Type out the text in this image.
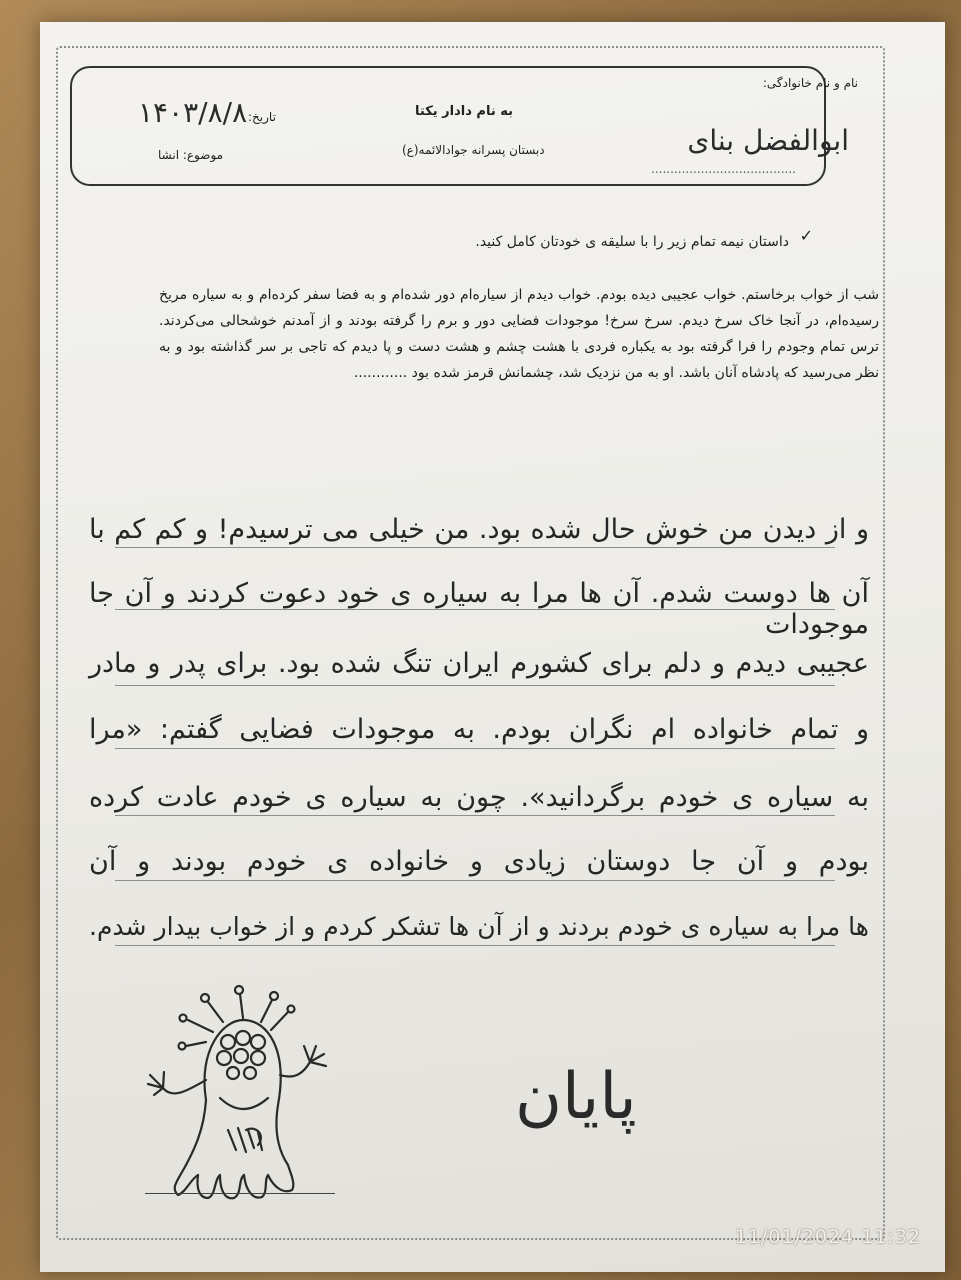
نام و نام خانوادگی:
ابوالفضل بنای
......................................
به نام دادار یکتا
دبستان پسرانه جوادالائمه(ع)
تاریخ:
۱۴۰۳/۸/۸
موضوع: انشا
✓
داستان نیمه تمام زیر را با سلیقه ی خودتان کامل کنید.
شب از خواب برخاستم. خواب عجیبی دیده بودم. خواب دیدم از سیاره‌ام دور شده‌ام و به فضا سفر کرده‌ام و به سیاره مریخ رسیده‌ام، در آنجا خاک سرخ دیدم. سرخ سرخ! موجودات فضایی دور و برم را گرفته بودند و از آمدنم خوشحالی می‌کردند. ترس تمام وجودم را فرا گرفته بود به یکباره فردی با هشت چشم و هشت دست و پا دیدم که تاجی بر سر گذاشته بود و به نظر می‌رسید که پادشاه آنان باشد. او به من نزدیک شد، چشمانش قرمز شده بود ............
و از دیدن من خوش حال شده بود. من خیلی می ترسیدم! و کم کم با
آن ها دوست شدم. آن ها مرا به سیاره ی خود دعوت کردند و آن جا موجودات
عجیبی دیدم و دلم برای کشورم ایران تنگ شده بود. برای پدر و مادر
و تمام خانواده ام نگران بودم. به موجودات فضایی گفتم: «مرا
به سیاره ی خودم برگردانید». چون به سیاره ی خودم عادت کرده
بودم و آن جا دوستان زیادی و خانواده ی خودم بودند و آن
ها مرا به سیاره ی خودم بردند و از آن ها تشکر کردم و از خواب بیدار شدم.
پایان
11/01/2024 11:32
